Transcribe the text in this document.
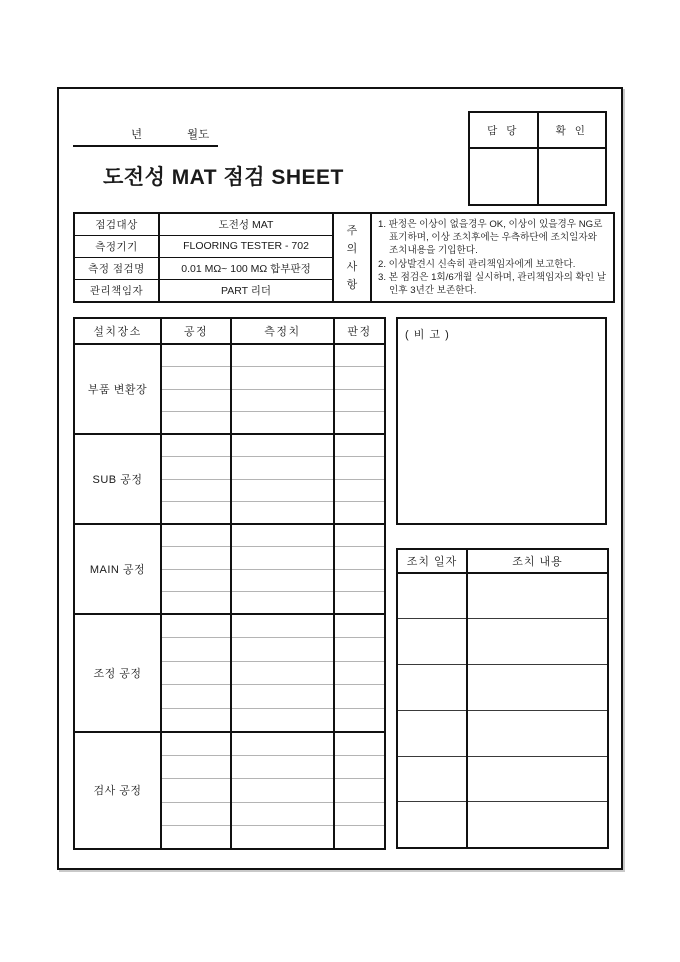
년	월도
도전성 MAT 점검 SHEET
담 당	확 인

점검대상	도전성 MAT	주의사항	1. 판정은 이상이 없을경우 OK, 이상이 있을경우 NG로 표기하며, 이상 조치후에는 우측하단에 조치일자와 조치내용을 기입한다.
2. 이상발견시 신속히 관리책임자에게 보고한다.
3. 본 점검은 1회/6개월 실시하며, 관리책임자의 확인 날인후 3년간 보존한다.

측정기기	FLOORING TESTER - 702		
측정 점검명	0.01 MΩ~ 100 MΩ 합부판정		
관리책임자	PART 리더		
설치장소	공정	측정치	판정
부품 변환장			

SUB 공정			

MAIN 공정			

조정 공정			

검사 공정			

( 비 고 )
조치 일자	조치 내용
